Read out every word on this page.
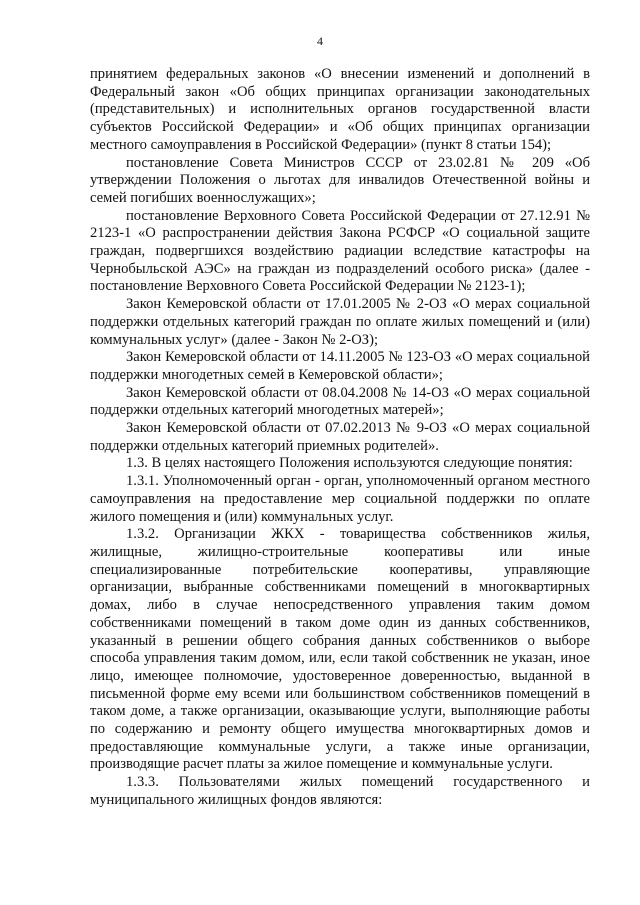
4

принятием федеральных законов «О внесении изменений и дополнений в Федеральный закон «Об общих принципах организации законодательных (представительных) и исполнительных органов государственной власти субъектов Российской Федерации» и «Об общих принципах организации местного самоуправления в Российской Федерации» (пункт 8 статьи 154);

постановление Совета Министров СССР от 23.02.81 № 209 «Об утверждении Положения о льготах для инвалидов Отечественной войны и семей погибших военнослужащих»;

постановление Верховного Совета Российской Федерации от 27.12.91 № 2123-1 «О распространении действия Закона РСФСР «О социальной защите граждан, подвергшихся воздействию радиации вследствие катастрофы на Чернобыльской АЭС» на граждан из подразделений особого риска» (далее - постановление Верховного Совета Российской Федерации № 2123-1);

Закон Кемеровской области от 17.01.2005 № 2-ОЗ «О мерах социальной поддержки отдельных категорий граждан по оплате жилых помещений и (или) коммунальных услуг» (далее - Закон № 2-ОЗ);

Закон Кемеровской области от 14.11.2005 № 123-ОЗ «О мерах социальной поддержки многодетных семей в Кемеровской области»;

Закон Кемеровской области от 08.04.2008 № 14-ОЗ «О мерах социальной поддержки отдельных категорий многодетных матерей»;

Закон Кемеровской области от 07.02.2013 № 9-ОЗ «О мерах социальной поддержки отдельных категорий приемных родителей».

1.3. В целях настоящего Положения используются следующие понятия:

1.3.1. Уполномоченный орган - орган, уполномоченный органом местного самоуправления на предоставление мер социальной поддержки по оплате жилого помещения и (или) коммунальных услуг.

1.3.2. Организации ЖКХ - товарищества собственников жилья, жилищные, жилищно-строительные кооперативы или иные специализированные потребительские кооперативы, управляющие организации, выбранные собственниками помещений в многоквартирных домах, либо в случае непосредственного управления таким домом собственниками помещений в таком доме один из данных собственников, указанный в решении общего собрания данных собственников о выборе способа управления таким домом, или, если такой собственник не указан, иное лицо, имеющее полномочие, удостоверенное доверенностью, выданной в письменной форме ему всеми или большинством собственников помещений в таком доме, а также организации, оказывающие услуги, выполняющие работы по содержанию и ремонту общего имущества многоквартирных домов и предоставляющие коммунальные услуги, а также иные организации, производящие расчет платы за жилое помещение и коммунальные услуги.

1.3.3. Пользователями жилых помещений государственного и муниципального жилищных фондов являются:
